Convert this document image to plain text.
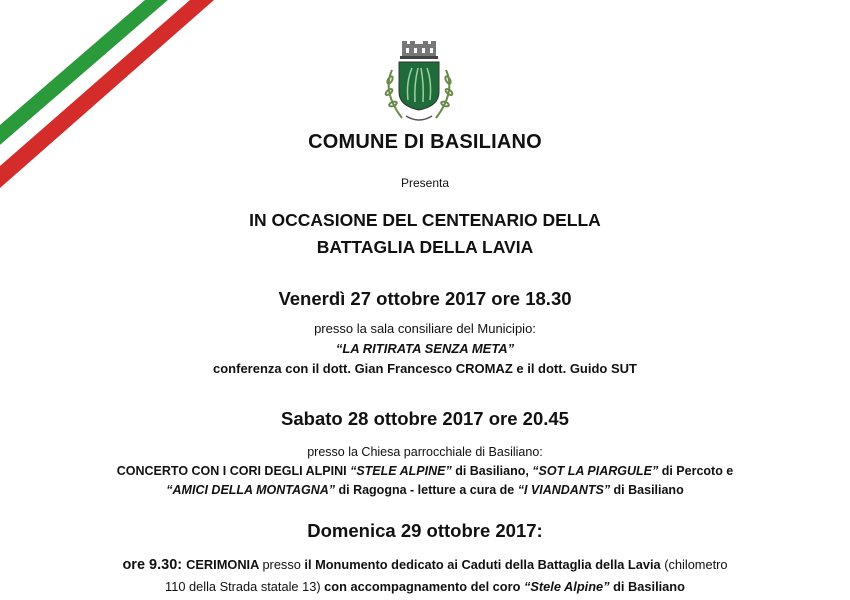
COMUNE DI BASILIANO
Presenta
IN OCCASIONE DEL CENTENARIO DELLA
BATTAGLIA DELLA LAVIA
Venerdì 27 ottobre 2017 ore 18.30
presso la sala consiliare del Municipio:
“LA RITIRATA SENZA META”
conferenza con il dott. Gian Francesco CROMAZ e il dott. Guido SUT
Sabato 28 ottobre 2017 ore 20.45
presso la Chiesa parrocchiale di Basiliano:
CONCERTO CON I CORI DEGLI ALPINI “STELE ALPINE” di Basiliano, “SOT LA PIARGULE” di Percoto e
“AMICI DELLA MONTAGNA” di Ragogna - letture a cura de “I VIANDANTS” di Basiliano
Domenica 29 ottobre 2017:
ore 9.30: CERIMONIA presso il Monumento dedicato ai Caduti della Battaglia della Lavia (chilometro
110 della Strada statale 13) con accompagnamento del coro “Stele Alpine” di Basiliano
